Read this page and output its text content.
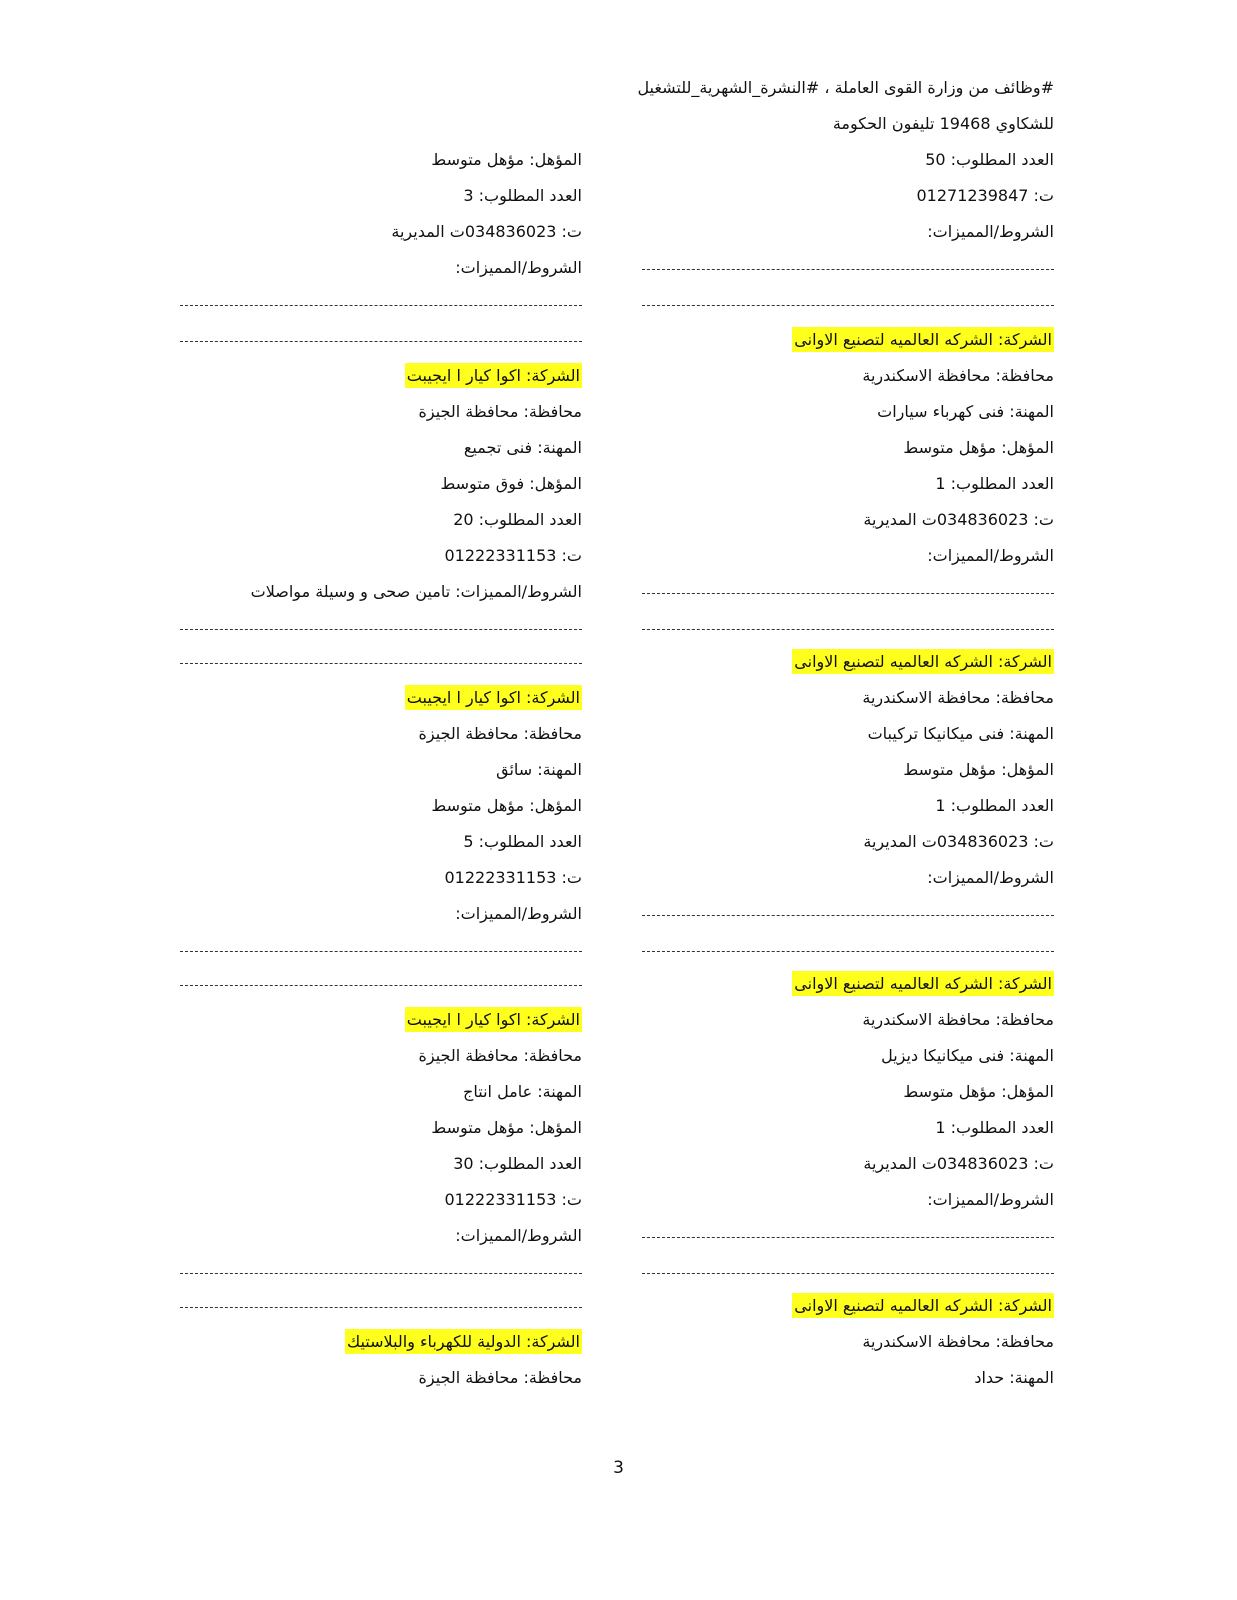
#وظائف من وزارة القوى العاملة ، #النشرة_الشهرية_للتشغيل
للشكاوي 19468 تليفون الحكومة
العدد المطلوب: 50
ت: 01271239847
الشروط/المميزات:
الشركة: الشركه العالميه لتصنيع الاوانى
محافظة: محافظة الاسكندرية
المهنة: فنى كهرباء سيارات
المؤهل: مؤهل متوسط
العدد المطلوب: 1
ت: 034836023ت المديرية
الشروط/المميزات:
الشركة: الشركه العالميه لتصنيع الاوانى
محافظة: محافظة الاسكندرية
المهنة: فنى ميكانيكا تركيبات
المؤهل: مؤهل متوسط
العدد المطلوب: 1
ت: 034836023ت المديرية
الشروط/المميزات:
الشركة: الشركه العالميه لتصنيع الاوانى
محافظة: محافظة الاسكندرية
المهنة: فنى ميكانيكا ديزيل
المؤهل: مؤهل متوسط
العدد المطلوب: 1
ت: 034836023ت المديرية
الشروط/المميزات:
الشركة: الشركه العالميه لتصنيع الاوانى
محافظة: محافظة الاسكندرية
المهنة: حداد
المؤهل: مؤهل متوسط
العدد المطلوب: 3
ت: 034836023ت المديرية
الشروط/المميزات:
الشركة: اكوا كيار ا ايجيبت
محافظة: محافظة الجيزة
المهنة: فنى تجميع
المؤهل: فوق متوسط
العدد المطلوب: 20
ت: 01222331153
الشروط/المميزات: تامين صحى و وسيلة مواصلات
الشركة: اكوا كيار ا ايجيبت
محافظة: محافظة الجيزة
المهنة: سائق
المؤهل: مؤهل متوسط
العدد المطلوب: 5
ت: 01222331153
الشروط/المميزات:
الشركة: اكوا كيار ا ايجيبت
محافظة: محافظة الجيزة
المهنة: عامل انتاج
المؤهل: مؤهل متوسط
العدد المطلوب: 30
ت: 01222331153
الشروط/المميزات:
الشركة: الدولية للكهرباء والبلاستيك
محافظة: محافظة الجيزة
3
